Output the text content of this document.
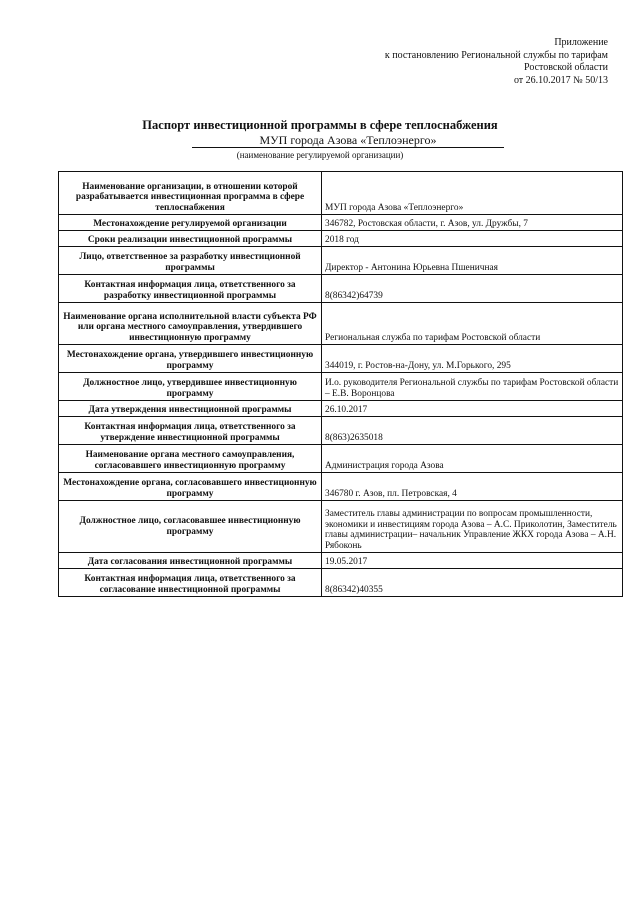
Приложение
к постановлению Региональной службы по тарифам
Ростовской области
от 26.10.2017 № 50/13
Паспорт инвестиционной программы в сфере теплоснабжения
МУП города Азова «Теплоэнерго»
(наименование регулируемой организации)
Наименование организации, в отношении которой разрабатывается инвестиционная программа в сфере теплоснабжения	МУП города Азова «Теплоэнерго»
Местонахождение регулируемой организации	346782, Ростовская области, г. Азов, ул. Дружбы, 7
Сроки реализации инвестиционной программы	2018 год
Лицо, ответственное за разработку инвестиционной программы	Директор - Антонина Юрьевна Пшеничная
Контактная информация лица, ответственного за разработку инвестиционной программы	8(86342)64739
Наименование органа исполнительной власти субъекта РФ или органа местного самоуправления, утвердившего инвестиционную программу	Региональная служба по тарифам Ростовской области
Местонахождение органа, утвердившего инвестиционную программу	344019, г. Ростов-на-Дону, ул. М.Горького, 295
Должностное лицо, утвердившее инвестиционную программу	И.о. руководителя Региональной службы по тарифам Ростовской области – Е.В. Воронцова
Дата утверждения инвестиционной программы	26.10.2017
Контактная информация лица, ответственного за утверждение инвестиционной программы	8(863)2635018
Наименование органа местного самоуправления, согласовавшего инвестиционную программу	Администрация города Азова
Местонахождение органа, согласовавшего инвестиционную программу	346780 г. Азов, пл. Петровская, 4
Должностное лицо, согласовавшее инвестиционную программу	Заместитель главы администрации по вопросам промышленности, экономики и инвестициям города Азова – А.С. Приколотин, Заместитель главы администрации– начальник Управление ЖКХ города Азова – А.Н. Рябоконь
Дата согласования инвестиционной программы	19.05.2017
Контактная информация лица, ответственного за согласование инвестиционной программы	8(86342)40355
